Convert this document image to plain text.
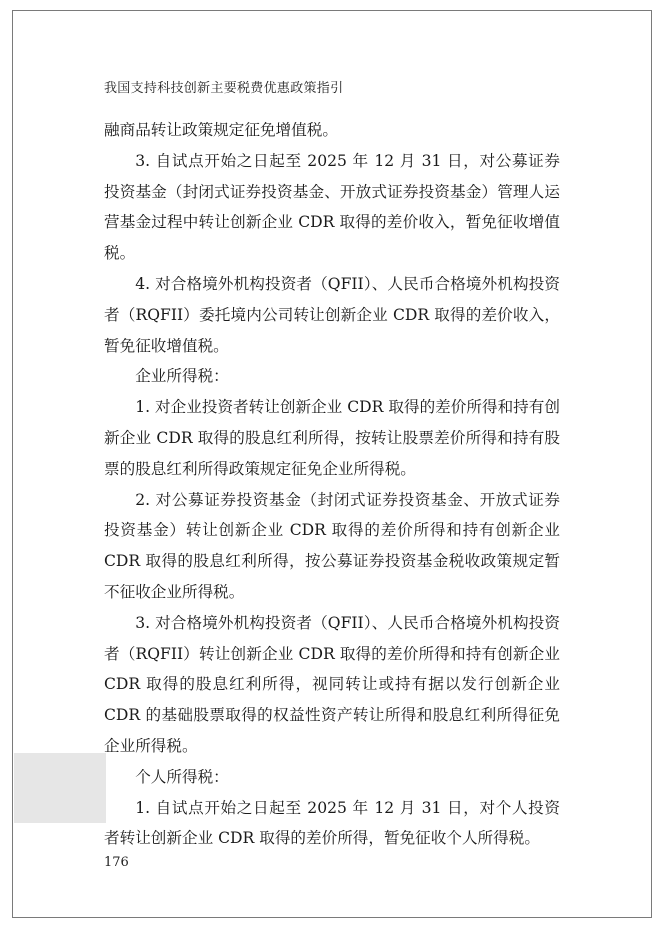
我国支持科技创新主要税费优惠政策指引

融商品转让政策规定征免增值税。

3. 自试点开始之日起至 2025 年 12 月 31 日，对公募证券投资基金（封闭式证券投资基金、开放式证券投资基金）管理人运营基金过程中转让创新企业 CDR 取得的差价收入，暂免征收增值税。

4. 对合格境外机构投资者（QFII）、人民币合格境外机构投资者（RQFII）委托境内公司转让创新企业 CDR 取得的差价收入，暂免征收增值税。

企业所得税：

1. 对企业投资者转让创新企业 CDR 取得的差价所得和持有创新企业 CDR 取得的股息红利所得，按转让股票差价所得和持有股票的股息红利所得政策规定征免企业所得税。

2. 对公募证券投资基金（封闭式证券投资基金、开放式证券投资基金）转让创新企业 CDR 取得的差价所得和持有创新企业 CDR 取得的股息红利所得，按公募证券投资基金税收政策规定暂不征收企业所得税。

3. 对合格境外机构投资者（QFII）、人民币合格境外机构投资者（RQFII）转让创新企业 CDR 取得的差价所得和持有创新企业 CDR 取得的股息红利所得，视同转让或持有据以发行创新企业 CDR 的基础股票取得的权益性资产转让所得和股息红利所得征免企业所得税。

个人所得税：

1. 自试点开始之日起至 2025 年 12 月 31 日，对个人投资者转让创新企业 CDR 取得的差价所得，暂免征收个人所得税。

176
